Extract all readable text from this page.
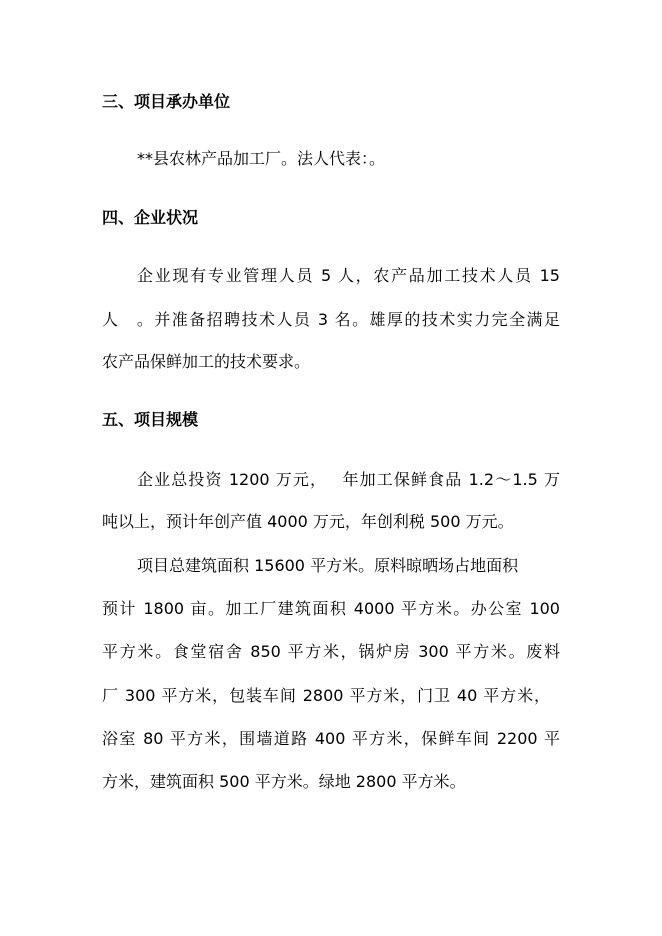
三、项目承办单位
**县农林产品加工厂。法人代表：。
四、企业状况
企业现有专业管理人员 5 人，农产品加工技术人员 15
人　。并准备招聘技术人员 3 名。雄厚的技术实力完全满足
农产品保鲜加工的技术要求。
五、项目规模
企业总投资 1200 万元，　 年加工保鲜食品 1.2～1.5 万
吨以上，预计年创产值 4000 万元，年创利税 500 万元。
项目总建筑面积 15600 平方米。原料晾晒场占地面积
预计 1800 亩。加工厂建筑面积 4000 平方米。办公室 100
平方米。食堂宿舍 850 平方米，锅炉房 300 平方米。废料
厂 300 平方米，包装车间 2800 平方米，门卫 40 平方米，
浴室 80 平方米，围墙道路 400 平方米，保鲜车间 2200 平
方米，建筑面积 500 平方米。绿地 2800 平方米。
